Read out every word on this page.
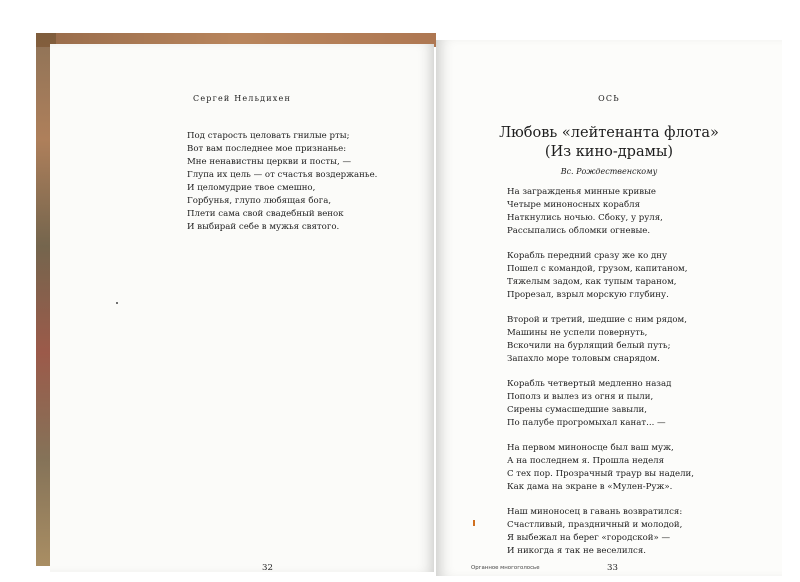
Сергей Нельдихен
Под старость целовать гнилые рты;
Вот вам последнее мое признанье:
Мне ненавистны церкви и посты, —
Глупа их цель — от счастья воздержанье.
И целомудрие твое смешно,
Горбунья, глупо любящая бога,
Плети сама свой свадебный венок
И выбирай себе в мужья святого.
32
ОСЬ
Любовь «лейтенанта флота»
(Из кино-драмы)
Вс. Рождественскому
На загражденья минные кривые
Четыре миноносных корабля
Наткнулись ночью. Сбоку, у руля,
Рассыпались обломки огневые.
Корабль передний сразу же ко дну
Пошел с командой, грузом, капитаном,
Тяжелым задом, как тупым тараном,
Прорезал, взрыл морскую глубину.
Второй и третий, шедшие с ним рядом,
Машины не успели повернуть,
Вскочили на бурлящий белый путь;
Запахло море толовым снарядом.
Корабль четвертый медленно назад
Пополз и вылез из огня и пыли,
Сирены сумасшедшие завыли,
По палубе прогромыхал канат... —
На первом миноносце был ваш муж,
А на последнем я. Прошла неделя
С тех пор. Прозрачный траур вы надели,
Как дама на экране в «Мулен-Руж».
Наш миноносец в гавань возвратился:
Счастливый, праздничный и молодой,
Я выбежал на берег «городской» —
И никогда я так не веселился.
Органное многоголосье	33
